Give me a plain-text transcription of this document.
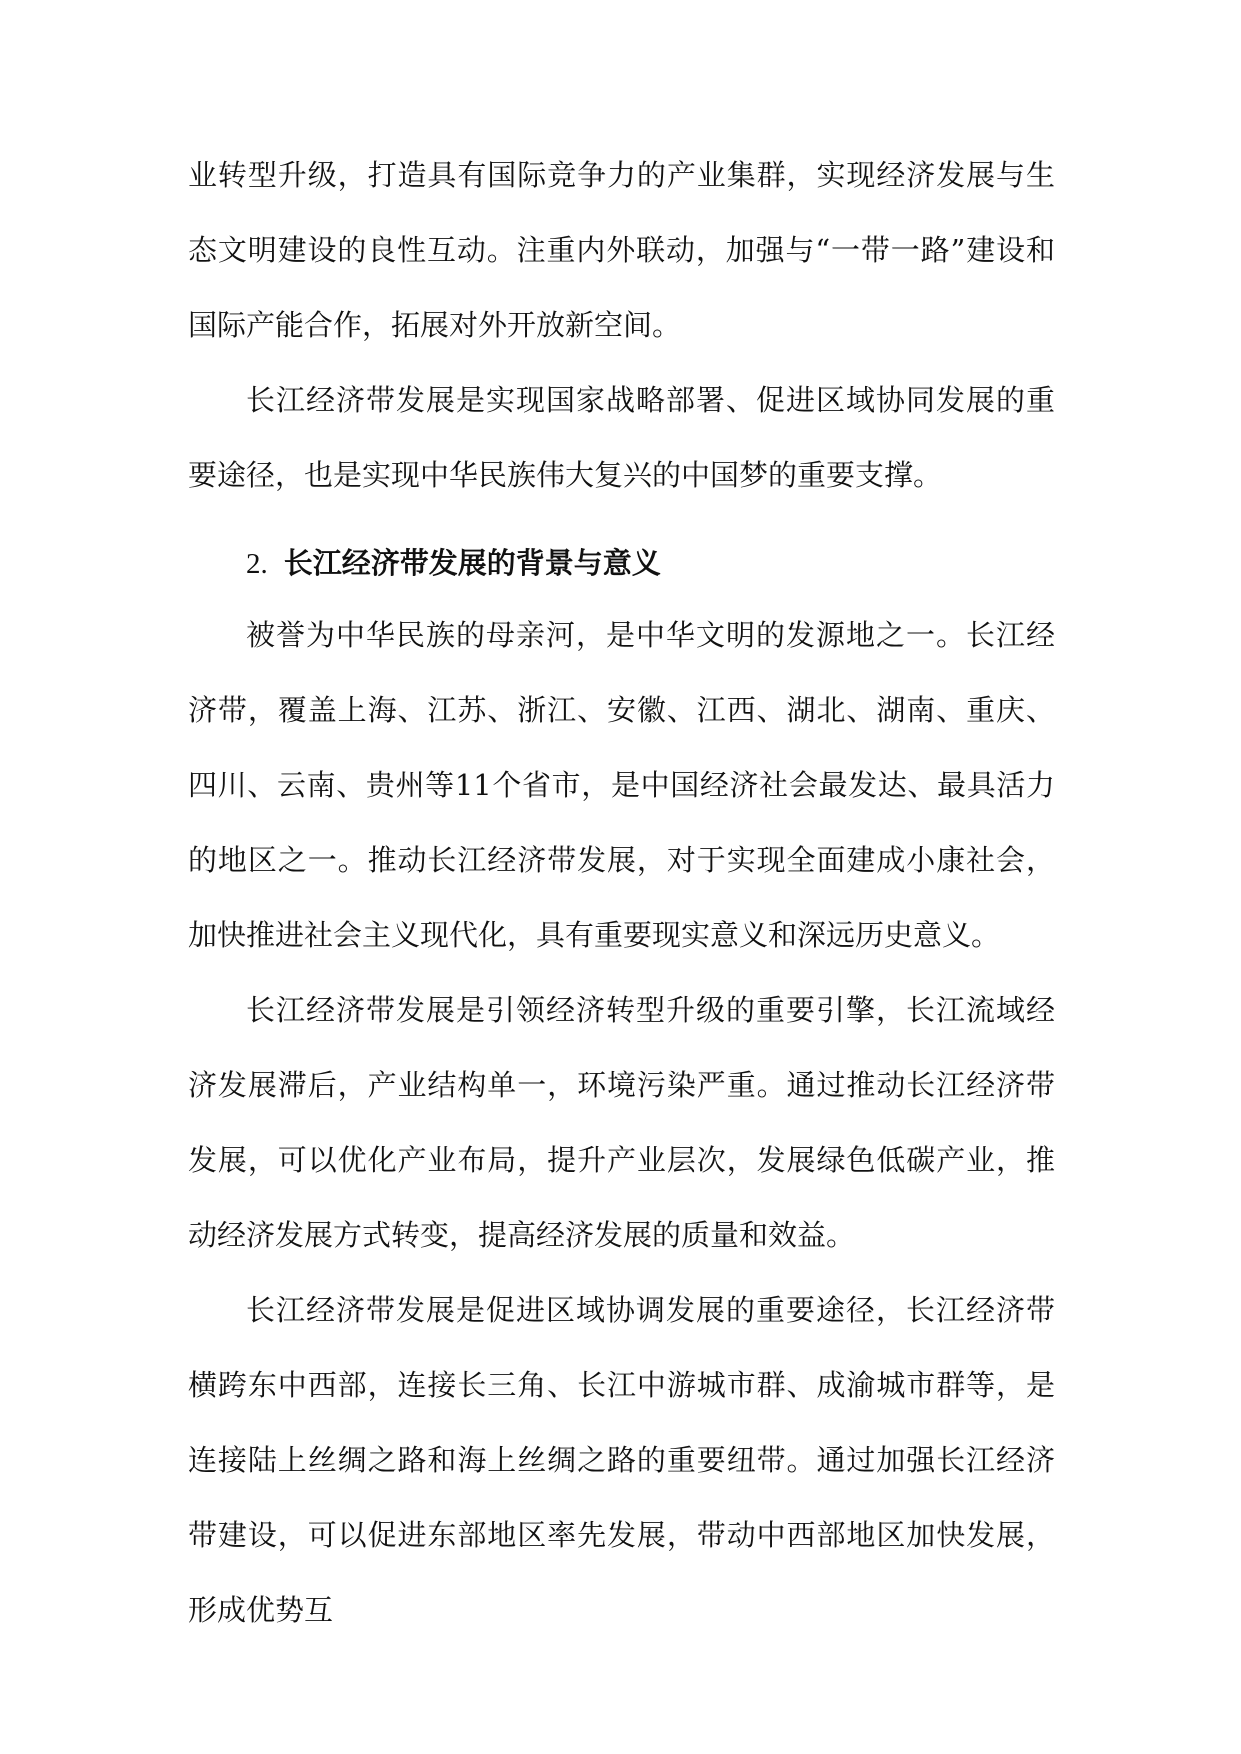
业转型升级，打造具有国际竞争力的产业集群，实现经济发展与生态文明建设的良性互动。注重内外联动，加强与“一带一路”建设和国际产能合作，拓展对外开放新空间。

长江经济带发展是实现国家战略部署、促进区域协同发展的重要途径，也是实现中华民族伟大复兴的中国梦的重要支撑。

2. 长江经济带发展的背景与意义

被誉为中华民族的母亲河，是中华文明的发源地之一。长江经济带，覆盖上海、江苏、浙江、安徽、江西、湖北、湖南、重庆、四川、云南、贵州等11个省市，是中国经济社会最发达、最具活力的地区之一。推动长江经济带发展，对于实现全面建成小康社会，加快推进社会主义现代化，具有重要现实意义和深远历史意义。

长江经济带发展是引领经济转型升级的重要引擎，长江流域经济发展滞后，产业结构单一，环境污染严重。通过推动长江经济带发展，可以优化产业布局，提升产业层次，发展绿色低碳产业，推动经济发展方式转变，提高经济发展的质量和效益。

长江经济带发展是促进区域协调发展的重要途径，长江经济带横跨东中西部，连接长三角、长江中游城市群、成渝城市群等，是连接陆上丝绸之路和海上丝绸之路的重要纽带。通过加强长江经济带建设，可以促进东部地区率先发展，带动中西部地区加快发展，形成优势互
